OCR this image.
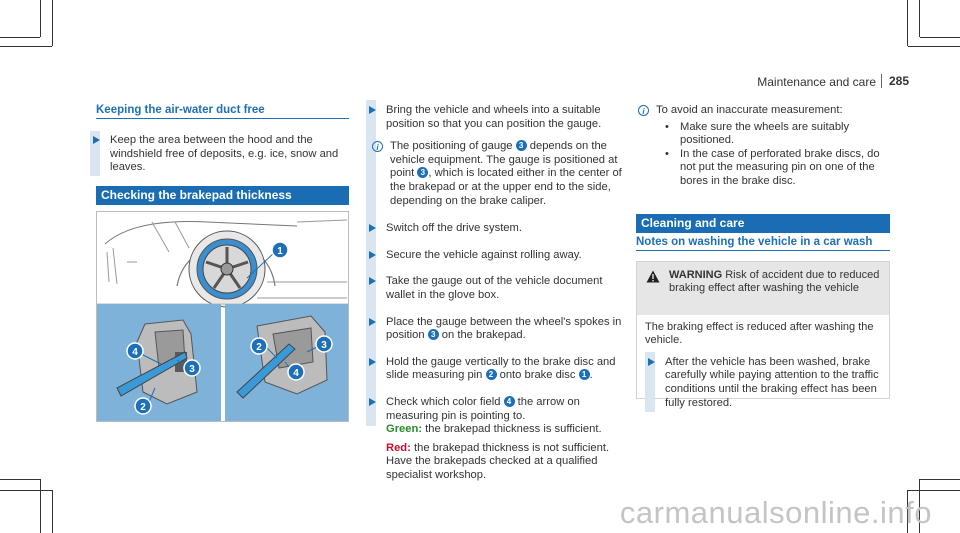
Maintenance and care 285
Keeping the air-water duct free
Keep the area between the hood and the windshield free of deposits, e.g. ice, snow and leaves.
Checking the brakepad thickness
1
4
3
2
2	3
4
Bring the vehicle and wheels into a suitable position so that you can position the gauge.
i	The positioning of gauge 3 depends on the vehicle equipment. The gauge is positioned at point 3 , which is located either in the center of the brakepad or at the upper end to the side, depending on the brake caliper.
Switch off the drive system.
Secure the vehicle against rolling away.
Take the gauge out of the vehicle document wallet in the glove box.
Place the gauge between the wheel's spokes in position 3 on the brakepad.
Hold the gauge vertically to the brake disc and slide measuring pin 2 onto brake disc 1 .
Check which color field 4 the arrow on measuring pin is pointing to.
Green: the brakepad thickness is sufficient.
Red: the brakepad thickness is not sufficient. Have the brakepads checked at a qualified specialist workshop.
i	To avoid an inaccurate measurement:
• Make sure the wheels are suitably positioned.
• In the case of perforated brake discs, do not put the measuring pin on one of the bores in the brake disc.
Cleaning and care
Notes on washing the vehicle in a car wash
WARNING Risk of accident due to reduced braking effect after washing the vehicle
The braking effect is reduced after washing the vehicle.
After the vehicle has been washed, brake carefully while paying attention to the traffic conditions until the braking effect has been fully restored.
carmanualsonline.info
